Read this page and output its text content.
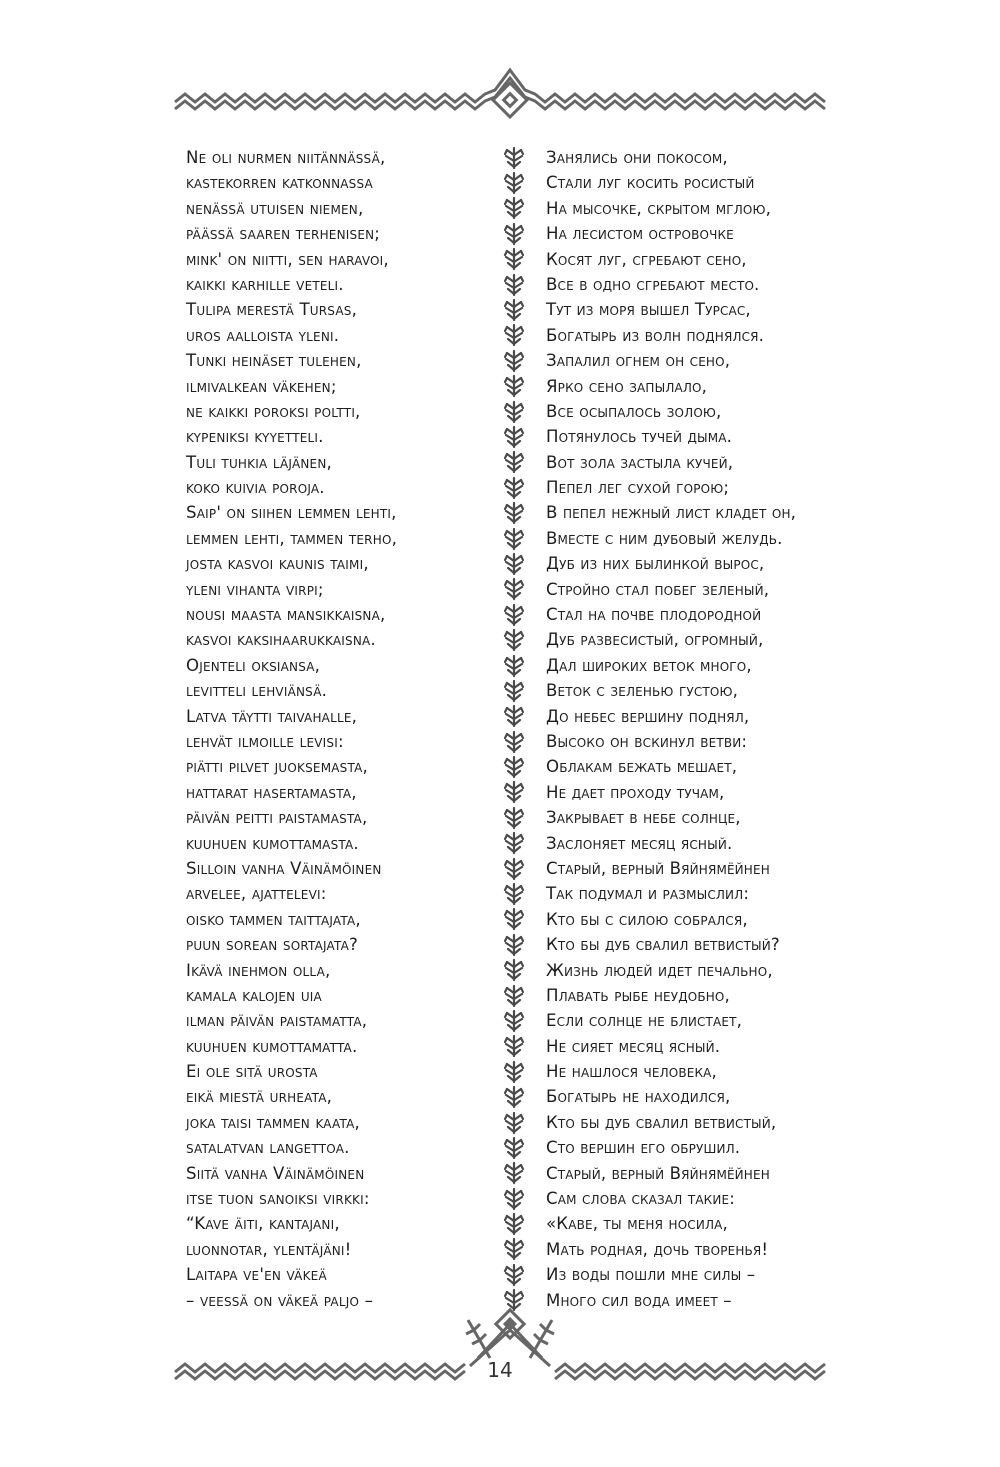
Ne oli nurmen niitännässä,
kastekorren katkonnassa
nenässä utuisen niemen,
päässä saaren terhenisen;
mink' on niitti, sen haravoi,
kaikki karhille veteli.
Tulipa merestä Tursas,
uros aalloista yleni.
Tunki heinäset tulehen,
ilmivalkean väkehen;
ne kaikki poroksi poltti,
kypeniksi kyyetteli.
Tuli tuhkia läjänen,
koko kuivia poroja.
Saip' on siihen lemmen lehti,
lemmen lehti, tammen terho,
josta kasvoi kaunis taimi,
yleni vihanta virpi;
nousi maasta mansikkaisna,
kasvoi kaksihaarukkaisna.
Ojenteli oksiansa,
levitteli lehviänsä.
Latva täytti taivahalle,
lehvät ilmoille levisi:
piätti pilvet juoksemasta,
hattarat hasertamasta,
päivän peitti paistamasta,
kuuhuen kumottamasta.
Silloin vanha Väinämöinen
arvelee, ajattelevi:
oisko tammen taittajata,
puun sorean sortajata?
Ikävä inehmon olla,
kamala kalojen uia
ilman päivän paistamatta,
kuuhuen kumottamatta.
Ei ole sitä urosta
eikä miestä urheata,
joka taisi tammen kaata,
satalatvan langettoa.
Siitä vanha Väinämöinen
itse tuon sanoiksi virkki:
“Kave äiti, kantajani,
luonnotar, ylentäjäni!
Laitapa ve'en väkeä
– veessä on väkeä paljo –
Занялись они покосом,
Стали луг косить росистый
На мысочке, скрытом мглою,
На лесистом островочке
Косят луг, сгребают сено,
Все в одно сгребают место.
Тут из моря вышел Турсас,
Богатырь из волн поднялся.
Запалил огнем он сено,
Ярко сено запылало,
Все осыпалось золою,
Потянулось тучей дыма.
Вот зола застыла кучей,
Пепел лег сухой горою;
В пепел нежный лист кладет он,
Вместе с ним дубовый желудь.
Дуб из них былинкой вырос,
Стройно стал побег зеленый,
Стал на почве плодородной
Дуб развесистый, огромный,
Дал широких веток много,
Веток с зеленью густою,
До небес вершину поднял,
Высоко он вскинул ветви:
Облакам бежать мешает,
Не дает проходу тучам,
Закрывает в небе солнце,
Заслоняет месяц ясный.
Старый, верный Вяйнямёйнен
Так подумал и размыслил:
Кто бы с силою собрался,
Кто бы дуб свалил ветвистый?
Жизнь людей идет печально,
Плавать рыбе неудобно,
Если солнце не блистает,
Не сияет месяц ясный.
Не нашлося человека,
Богатырь не находился,
Кто бы дуб свалил ветвистый,
Сто вершин его обрушил.
Старый, верный Вяйнямёйнен
Сам слова сказал такие:
«Каве, ты меня носила,
Мать родная, дочь творенья!
Из воды пошли мне силы –
Много сил вода имеет –
14
